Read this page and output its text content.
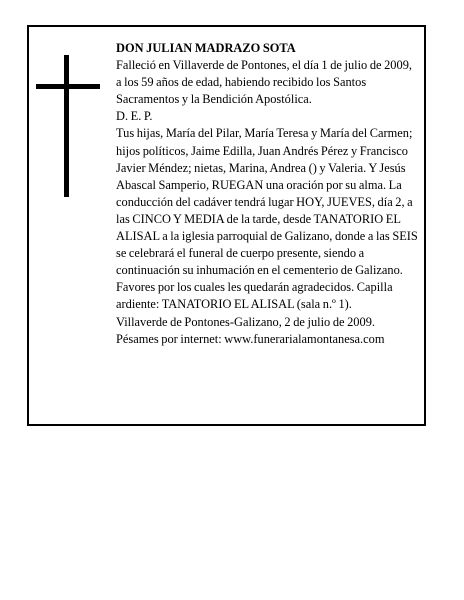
DON JULIAN MADRAZO SOTA

Falleció en Villaverde de Pontones, el día 1 de julio de 2009, a los 59 años de edad, habiendo recibido los Santos Sacramentos y la Bendición Apostólica.

D. E. P.

Tus hijas, María del Pilar, María Teresa y María del Carmen; hijos políticos, Jaime Edilla, Juan Andrés Pérez y Francisco Javier Méndez; nietas, Marina, Andrea () y Valeria. Y Jesús Abascal Samperio, RUEGAN una oración por su alma. La conducción del cadáver tendrá lugar HOY, JUEVES, día 2, a las CINCO Y MEDIA de la tarde, desde TANATORIO EL ALISAL a la iglesia parroquial de Galizano, donde a las SEIS se celebrará el funeral de cuerpo presente, siendo a continuación su inhumación en el cementerio de Galizano. Favores por los cuales les quedarán agradecidos. Capilla ardiente: TANATORIO EL ALISAL (sala n.º 1).

Villaverde de Pontones-Galizano, 2 de julio de 2009.

Pésames por internet: www.funerarialamontanesa.com
